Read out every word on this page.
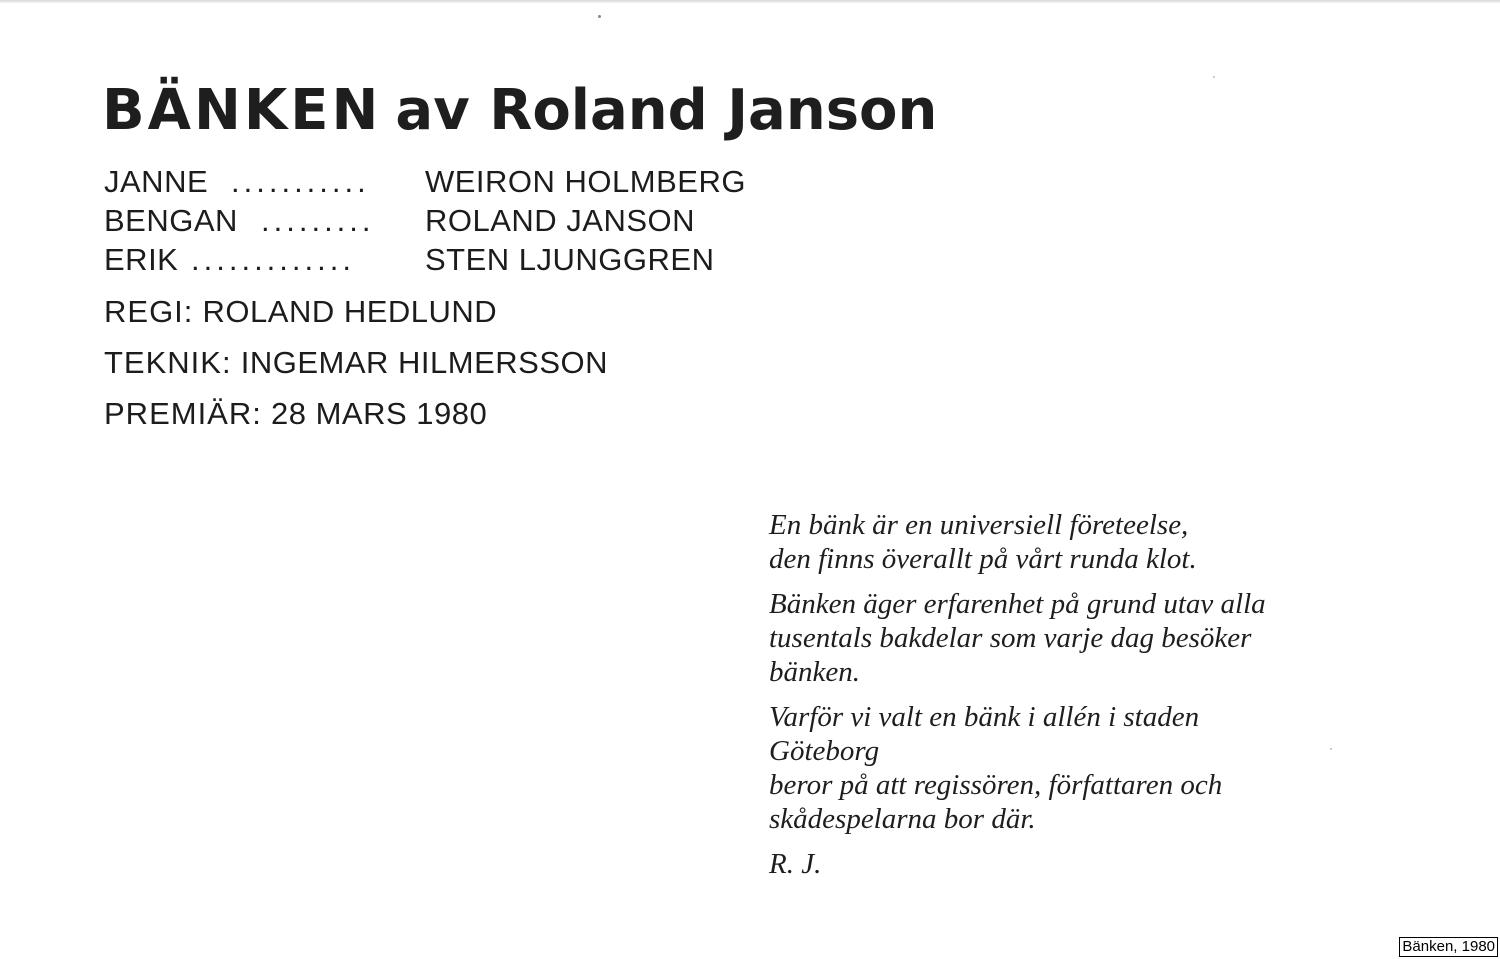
BÄNKEN av Roland Janson
JANNE ........... WEIRON HOLMBERG
BENGAN ......... ROLAND JANSON
ERIK ............. STEN LJUNGGREN
REGI: ROLAND HEDLUND
TEKNIK: INGEMAR HILMERSSON
PREMIÄR: 28 MARS 1980
En bänk är en universiell företeelse,
den finns överallt på vårt runda klot.
Bänken äger erfarenhet på grund utav alla
tusentals bakdelar som varje dag besöker
bänken.
Varför vi valt en bänk i allén i staden
Göteborg
beror på att regissören, författaren och
skådespelarna bor där.
R. J.
Bänken, 1980
